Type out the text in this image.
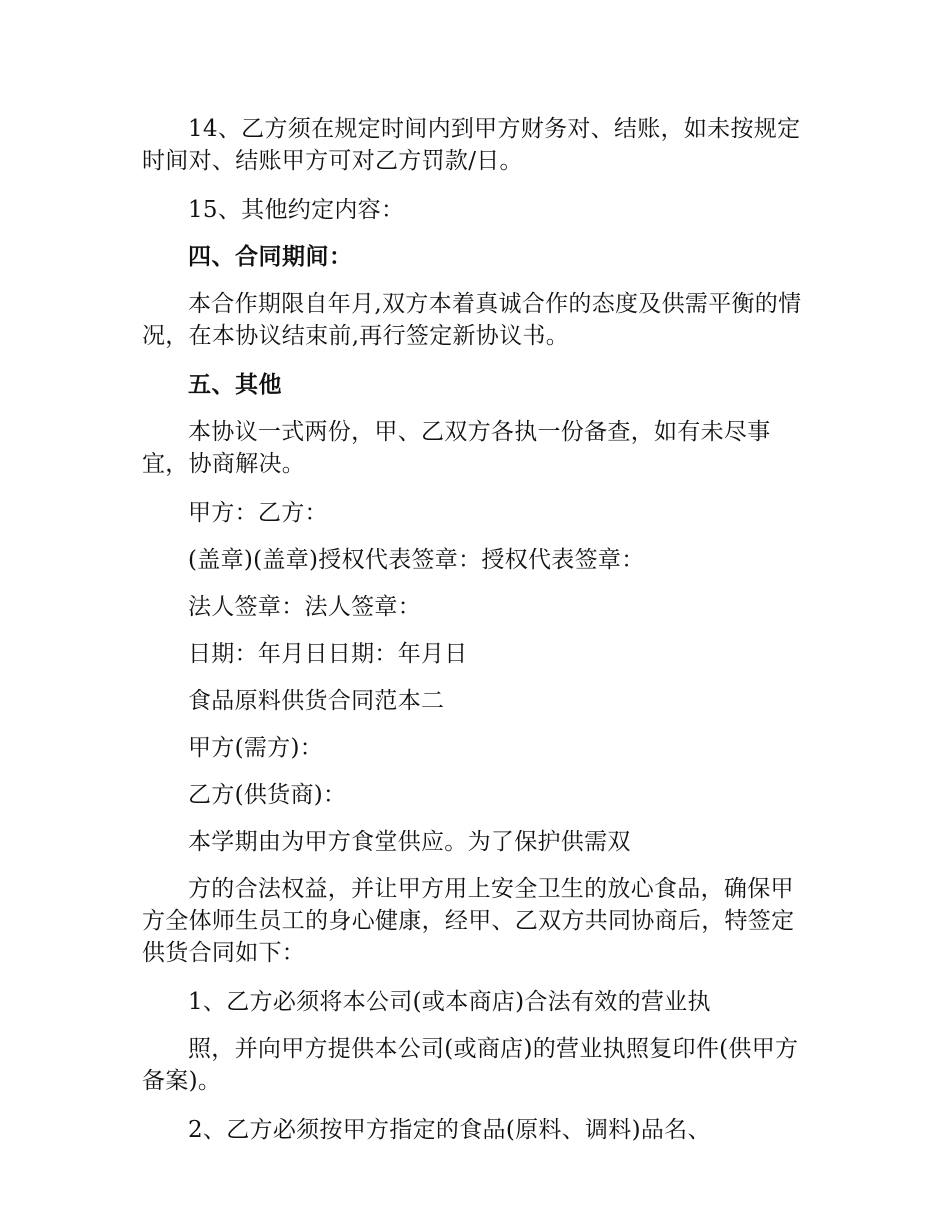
14、乙方须在规定时间内到甲方财务对、结账，如未按规定时间对、结账甲方可对乙方罚款/日。

15、其他约定内容：

四、合同期间：

本合作期限自年月,双方本着真诚合作的态度及供需平衡的情况，在本协议结束前,再行签定新协议书。

五、其他

本协议一式两份，甲、乙双方各执一份备查，如有未尽事宜，协商解决。

甲方：乙方：

(盖章)(盖章)授权代表签章：授权代表签章：

法人签章：法人签章：

日期：年月日日期：年月日

食品原料供货合同范本二

甲方(需方)：

乙方(供货商)：

本学期由为甲方食堂供应。为了保护供需双

方的合法权益，并让甲方用上安全卫生的放心食品，确保甲方全体师生员工的身心健康，经甲、乙双方共同协商后，特签定供货合同如下：

1、乙方必须将本公司(或本商店)合法有效的营业执

照，并向甲方提供本公司(或商店)的营业执照复印件(供甲方备案)。

2、乙方必须按甲方指定的食品(原料、调料)品名、
